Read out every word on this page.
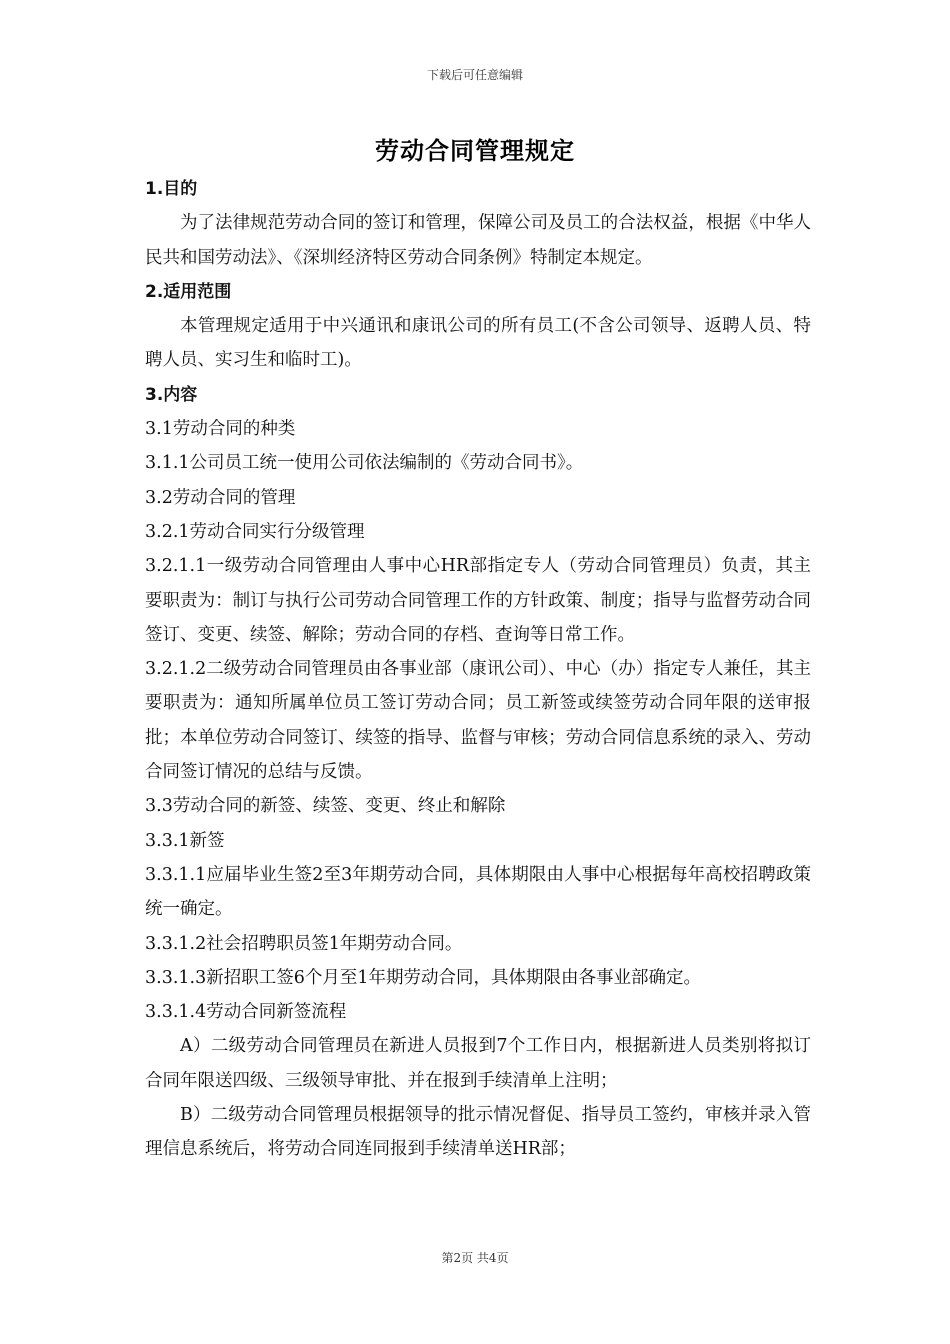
下载后可任意编辑
劳动合同管理规定

1.目的

为了法律规范劳动合同的签订和管理，保障公司及员工的合法权益，根据《中华人民共和国劳动法》、《深圳经济特区劳动合同条例》特制定本规定。

2.适用范围

本管理规定适用于中兴通讯和康讯公司的所有员工(不含公司领导、返聘人员、特聘人员、实习生和临时工)。

3.内容

3.1劳动合同的种类

3.1.1公司员工统一使用公司依法编制的《劳动合同书》。

3.2劳动合同的管理

3.2.1劳动合同实行分级管理

3.2.1.1一级劳动合同管理由人事中心HR部指定专人（劳动合同管理员）负责，其主要职责为：制订与执行公司劳动合同管理工作的方针政策、制度；指导与监督劳动合同签订、变更、续签、解除；劳动合同的存档、查询等日常工作。

3.2.1.2二级劳动合同管理员由各事业部（康讯公司）、中心（办）指定专人兼任，其主要职责为：通知所属单位员工签订劳动合同；员工新签或续签劳动合同年限的送审报批；本单位劳动合同签订、续签的指导、监督与审核；劳动合同信息系统的录入、劳动合同签订情况的总结与反馈。

3.3劳动合同的新签、续签、变更、终止和解除

3.3.1新签

3.3.1.1应届毕业生签2至3年期劳动合同，具体期限由人事中心根据每年高校招聘政策统一确定。

3.3.1.2社会招聘职员签1年期劳动合同。

3.3.1.3新招职工签6个月至1年期劳动合同，具体期限由各事业部确定。

3.3.1.4劳动合同新签流程

A）二级劳动合同管理员在新进人员报到7个工作日内，根据新进人员类别将拟订合同年限送四级、三级领导审批、并在报到手续清单上注明；

B）二级劳动合同管理员根据领导的批示情况督促、指导员工签约，审核并录入管理信息系统后，将劳动合同连同报到手续清单送HR部；

第2页 共4页
